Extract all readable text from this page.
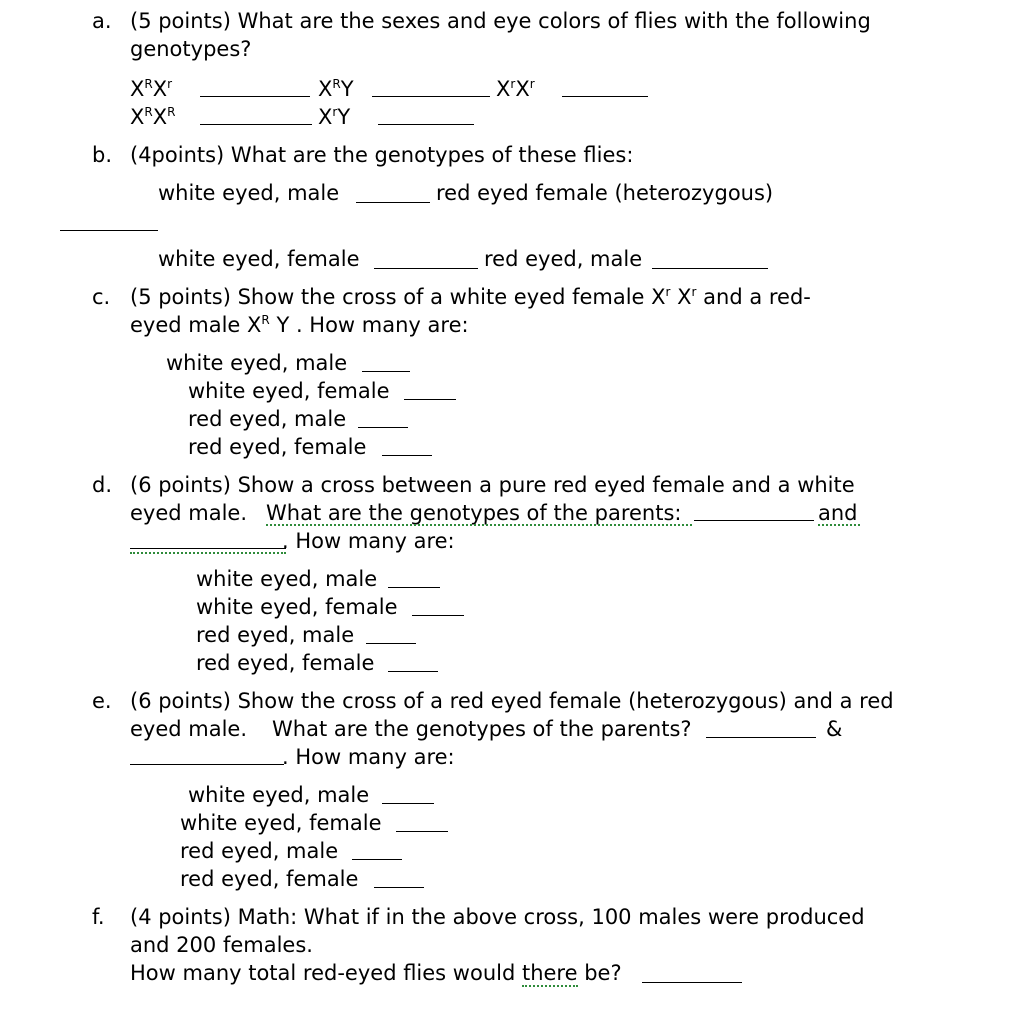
a. (5 points) What are the sexes and eye colors of flies with the following
genotypes?
$X^RX^r$	$X^RY$	$X^rX^r$
$X^RX^R$	$X^rY$
b. (4points) What are the genotypes of these flies:
white eyed, male	red eyed female (heterozygous)
white eyed, female	red eyed, male
c. (5 points) Show the cross of a white eyed female $X^r$ $X^r$ and a red-
eyed male $X^R$ Y . How many are:
white eyed, male
white eyed, female
red eyed, male
red eyed, female
d. (6 points) Show a cross between a pure red eyed female and a white
eyed male. What are the genotypes of the parents:	and
. How many are:
white eyed, male
white eyed, female
red eyed, male
red eyed, female
e. (6 points) Show the cross of a red eyed female (heterozygous) and a red
eyed male. What are the genotypes of the parents?	&
. How many are:
white eyed, male
white eyed, female
red eyed, male
red eyed, female
f. (4 points) Math: What if in the above cross, 100 males were produced
and 200 females.
How many total red-eyed flies would there be?
